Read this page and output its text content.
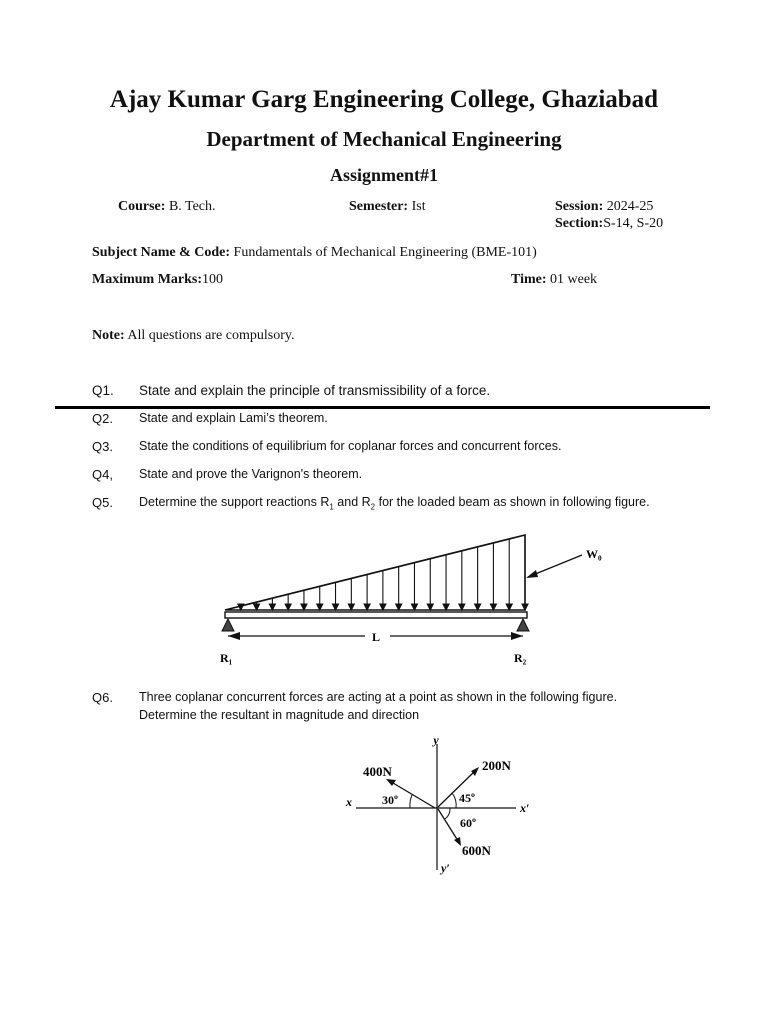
Ajay Kumar Garg Engineering College, Ghaziabad
Department of Mechanical Engineering
Assignment#1
Course: B. Tech.	Semester: Ist	Session: 2024-25
Section:S-14, S-20
Subject Name & Code: Fundamentals of Mechanical Engineering (BME-101)
Maximum Marks:100	Time: 01 week
Note: All questions are compulsory.
Q1. State and explain the principle of transmissibility of a force.
Q2. State and explain Lami’s theorem.
Q3. State the conditions of equilibrium for coplanar forces and concurrent forces.
Q4, State and prove the Varignon's theorem.
Q5. Determine the support reactions $R_1$ and $R_2$ for the loaded beam as shown in following figure.
L
R₁	R₂
W₀
Q6. Three coplanar concurrent forces are acting at a point as shown in the following figure.
Determine the resultant in magnitude and direction
y
y′
x	x′
400N	200N
600N
30º	45º
60º
